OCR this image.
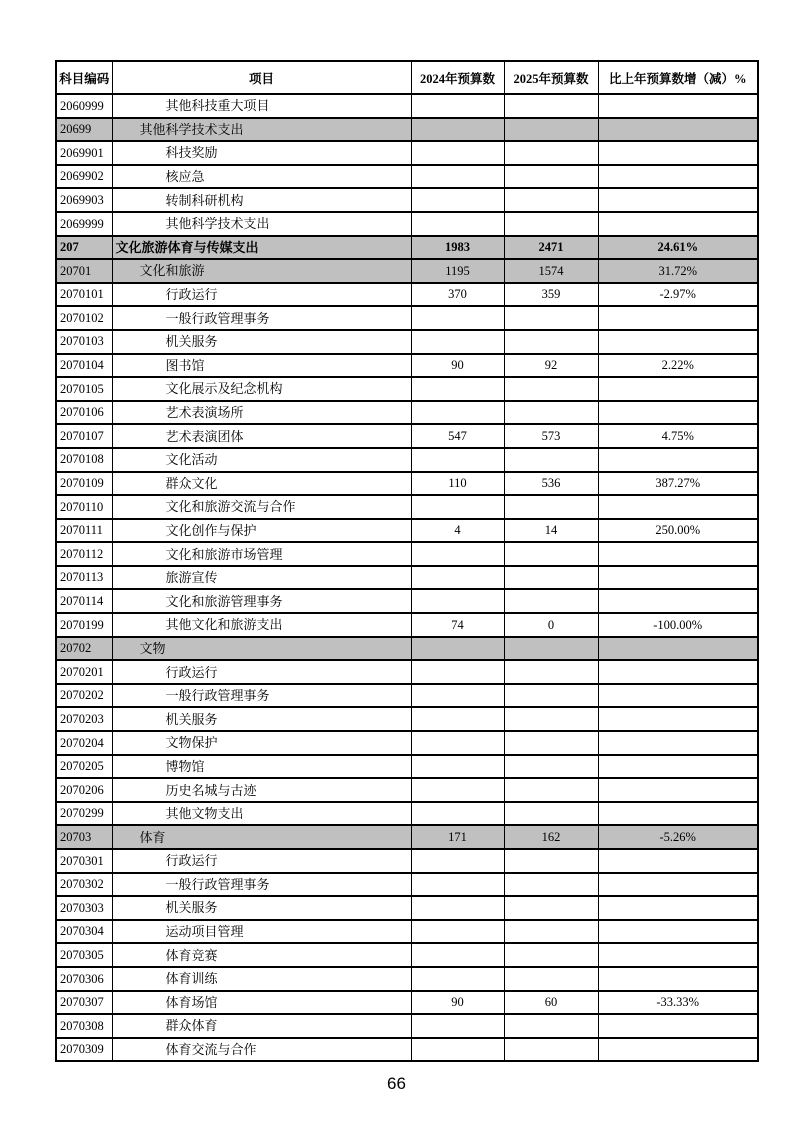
科目编码	项目	2024年预算数	2025年预算数	比上年预算数增（减）%
2060999	其他科技重大项目			
20699	其他科学技术支出			
2069901	科技奖励			
2069902	核应急			
2069903	转制科研机构			
2069999	其他科学技术支出			
207	文化旅游体育与传媒支出	1983	2471	24.61%
20701	文化和旅游	1195	1574	31.72%
2070101	行政运行	370	359	-2.97%
2070102	一般行政管理事务			
2070103	机关服务			
2070104	图书馆	90	92	2.22%
2070105	文化展示及纪念机构			
2070106	艺术表演场所			
2070107	艺术表演团体	547	573	4.75%
2070108	文化活动			
2070109	群众文化	110	536	387.27%
2070110	文化和旅游交流与合作			
2070111	文化创作与保护	4	14	250.00%
2070112	文化和旅游市场管理			
2070113	旅游宣传			
2070114	文化和旅游管理事务			
2070199	其他文化和旅游支出	74	0	-100.00%
20702	文物			
2070201	行政运行			
2070202	一般行政管理事务			
2070203	机关服务			
2070204	文物保护			
2070205	博物馆			
2070206	历史名城与古迹			
2070299	其他文物支出			
20703	体育	171	162	-5.26%
2070301	行政运行			
2070302	一般行政管理事务			
2070303	机关服务			
2070304	运动项目管理			
2070305	体育竞赛			
2070306	体育训练			
2070307	体育场馆	90	60	-33.33%
2070308	群众体育			
2070309	体育交流与合作			
66
